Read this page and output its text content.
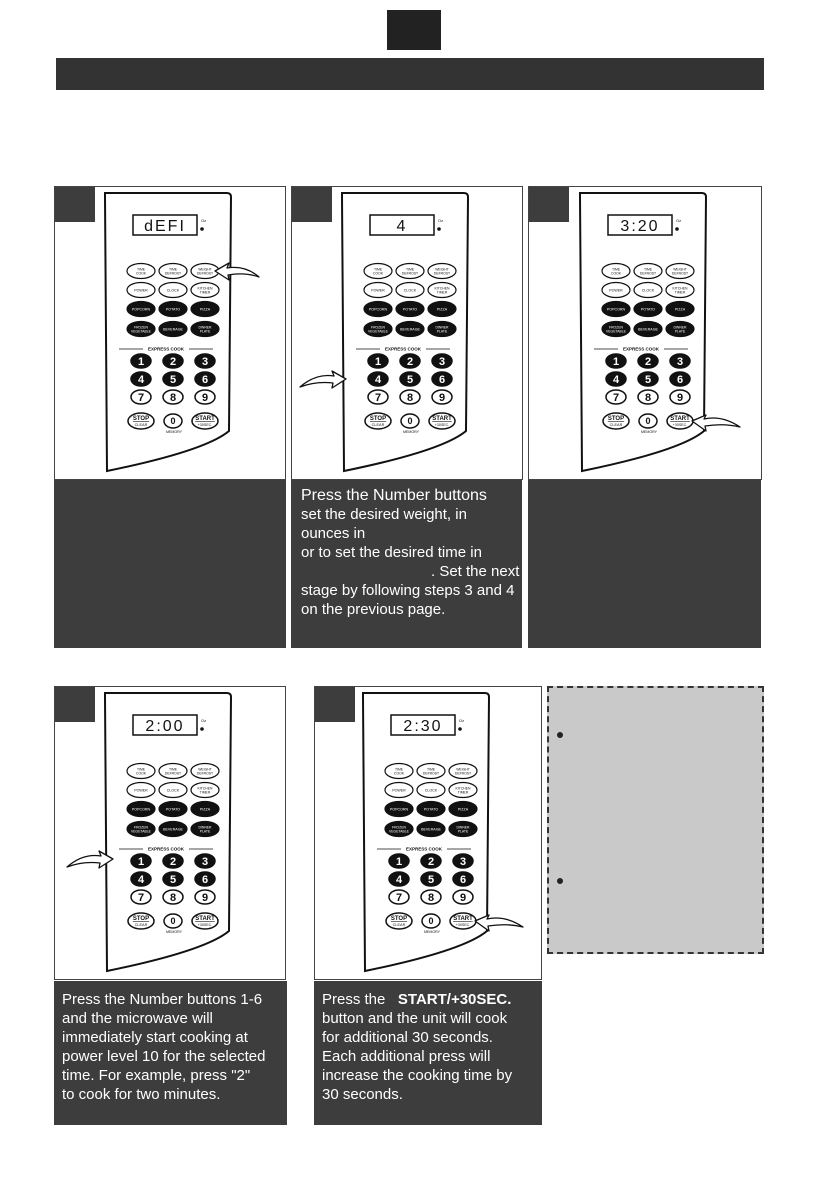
dEFI	Oz
TIME
COOK
TIME
DEFROST
WEIGHT
DEFROST
POWER	CLOCK	KITCHEN
TIMER
POPCORN	POTATO	PIZZA
FROZEN
VEGETABLE	BEVERAGE	DINNER
PLATE
EXPRESS COOK
1 2 3
4 5 6
7 8 9
STOP
CLEAR	0
MEMORY
START
+30SEC.
4	Oz
TIME
COOK
TIME
DEFROST
WEIGHT
DEFROST
POWER	CLOCK	KITCHEN
TIMER
POPCORN	POTATO	PIZZA
FROZEN
VEGETABLE	BEVERAGE	DINNER
PLATE
EXPRESS COOK
1 2 3
4 5 6
7 8 9
STOP
CLEAR	0
MEMORY
START
+30SEC.
3:20	Oz
TIME
COOK
TIME
DEFROST
WEIGHT
DEFROST
POWER	CLOCK	KITCHEN
TIMER
POPCORN	POTATO	PIZZA
FROZEN
VEGETABLE	BEVERAGE	DINNER
PLATE
EXPRESS COOK
1 2 3
4 5 6
7 8 9
STOP
CLEAR	0
MEMORY
START
+30SEC.
Press the Number buttons
set the desired weight, in
ounces in
or to set the desired time in
. Set the next
stage by following steps 3 and 4
on the previous page.
2:00	Oz
TIME
COOK
TIME
DEFROST
WEIGHT
DEFROST
POWER	CLOCK	KITCHEN
TIMER
POPCORN	POTATO	PIZZA
FROZEN
VEGETABLE	BEVERAGE	DINNER
PLATE
EXPRESS COOK
1 2 3
4 5 6
7 8 9
STOP
CLEAR	0
MEMORY
START
+30SEC.
2:30	Oz
TIME
COOK
TIME
DEFROST
WEIGHT
DEFROST
POWER	CLOCK	KITCHEN
TIMER
POPCORN	POTATO	PIZZA
FROZEN
VEGETABLE	BEVERAGE	DINNER
PLATE
EXPRESS COOK
1 2 3
4 5 6
7 8 9
STOP
CLEAR	0
MEMORY
START
+30SEC.
Press the Number buttons 1-6
and the microwave will
immediately start cooking at
power level 10 for the selected
time. For example, press "2"
to cook for two minutes.
Press the START/+30SEC.
button and the unit will cook
for additional 30 seconds.
Each additional press will
increase the cooking time by
30 seconds.
